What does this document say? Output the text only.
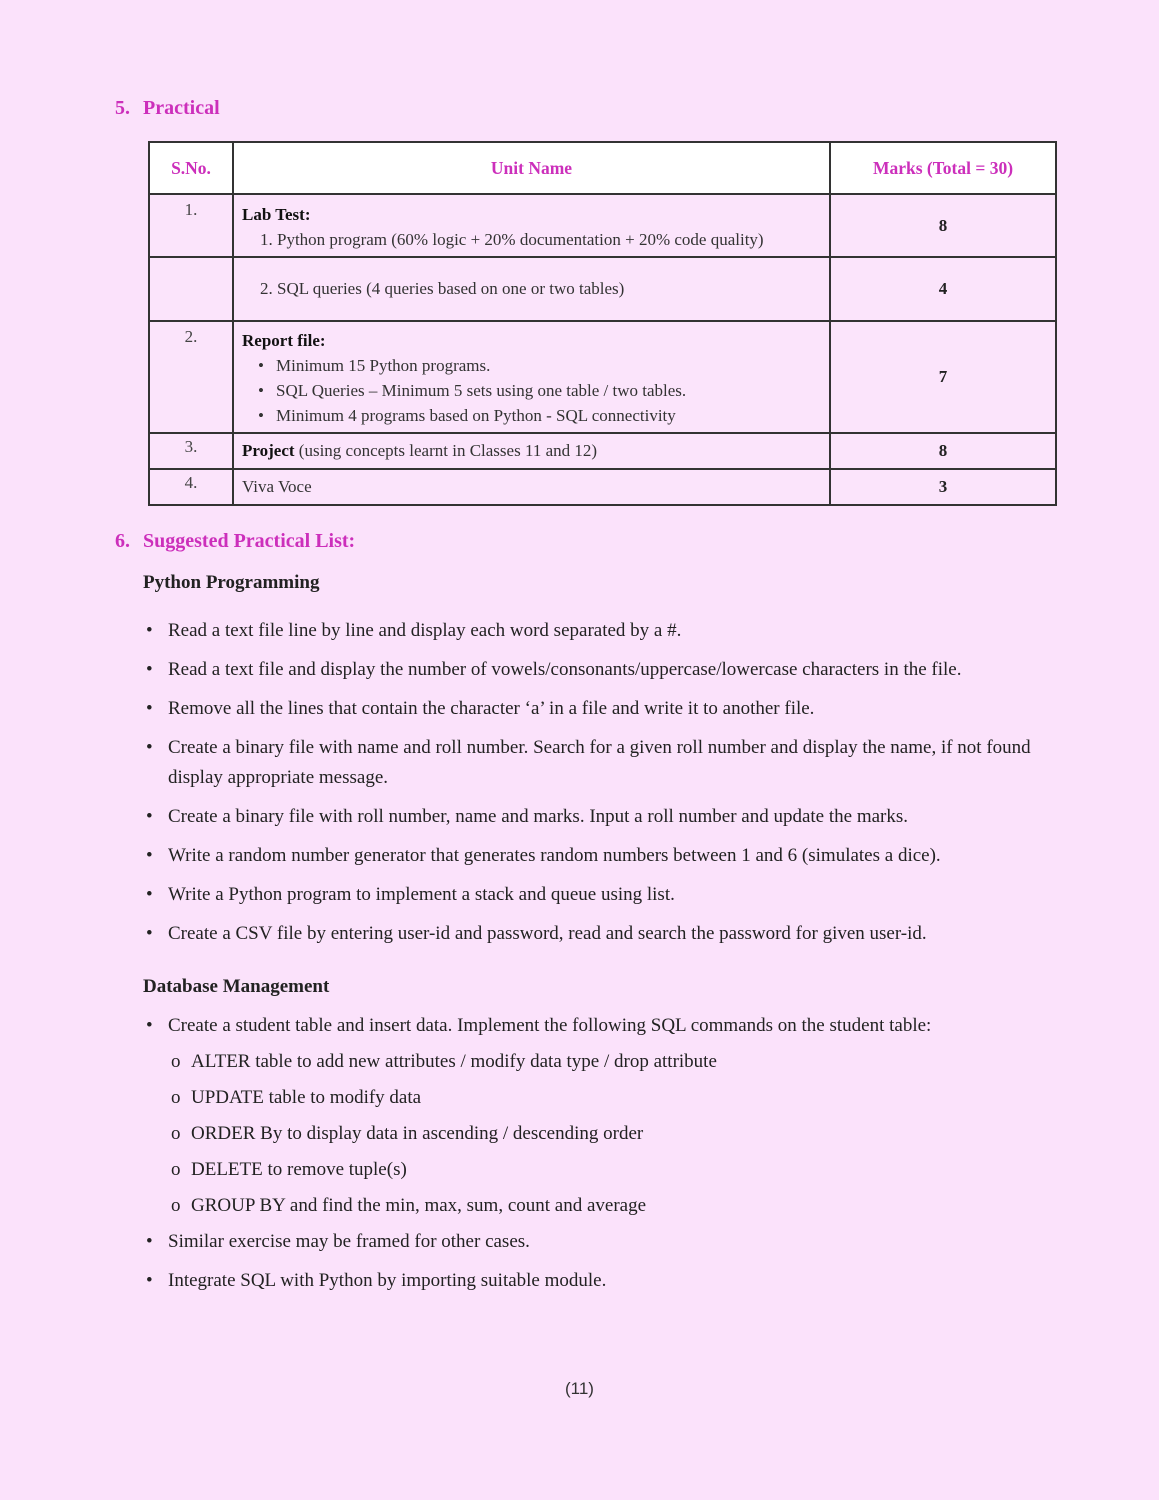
5. Practical
S.No.	Unit Name	Marks (Total = 30)

1.	Lab Test:
1. Python program (60% logic + 20% documentation + 20% code quality)	8

	2. SQL queries (4 queries based on one or two tables)	4

2.	Report file:

• Minimum 15 Python programs.
• SQL Queries – Minimum 5 sets using one table / two tables.
• Minimum 4 programs based on Python - SQL connectivity	7

3.	Project (using concepts learnt in Classes 11 and 12)	8

4.	Viva Voce	3
6. Suggested Practical List:
Python Programming
• Read a text file line by line and display each word separated by a #.
• Read a text file and display the number of vowels/consonants/uppercase/lowercase characters in the file.
• Remove all the lines that contain the character ‘a’ in a file and write it to another file.
• Create a binary file with name and roll number. Search for a given roll number and display the name, if not found display appropriate message.
• Create a binary file with roll number, name and marks. Input a roll number and update the marks.
• Write a random number generator that generates random numbers between 1 and 6 (simulates a dice).
• Write a Python program to implement a stack and queue using list.
• Create a CSV file by entering user-id and password, read and search the password for given user-id.
Database Management
• Create a student table and insert data. Implement the following SQL commands on the student table:
o ALTER table to add new attributes / modify data type / drop attribute
o UPDATE table to modify data
o ORDER By to display data in ascending / descending order
o DELETE to remove tuple(s)
o GROUP BY and find the min, max, sum, count and average
• Similar exercise may be framed for other cases.
• Integrate SQL with Python by importing suitable module.
(11)
